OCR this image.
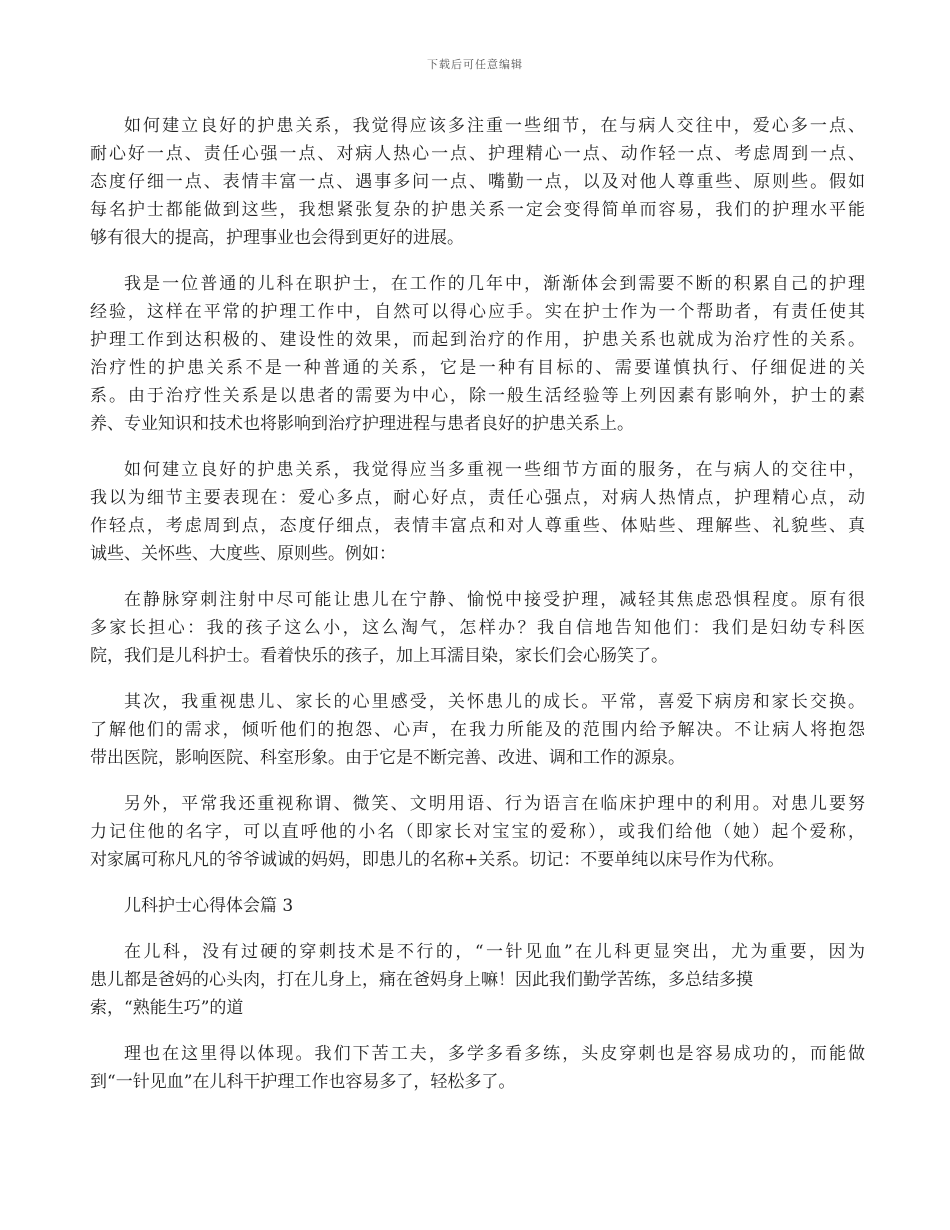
下载后可任意编辑
如何建立良好的护患关系，我觉得应该多注重一些细节，在与病人交往中，爱心多一点、
耐心好一点、责任心强一点、对病人热心一点、护理精心一点、动作轻一点、考虑周到一点、
态度仔细一点、表情丰富一点、遇事多问一点、嘴勤一点，以及对他人尊重些、原则些。假如
每名护士都能做到这些，我想紧张复杂的护患关系一定会变得简单而容易，我们的护理水平能
够有很大的提高，护理事业也会得到更好的进展。
我是一位普通的儿科在职护士，在工作的几年中，渐渐体会到需要不断的积累自己的护理
经验，这样在平常的护理工作中，自然可以得心应手。实在护士作为一个帮助者，有责任使其
护理工作到达积极的、建设性的效果，而起到治疗的作用，护患关系也就成为治疗性的关系。
治疗性的护患关系不是一种普通的关系，它是一种有目标的、需要谨慎执行、仔细促进的关
系。由于治疗性关系是以患者的需要为中心，除一般生活经验等上列因素有影响外，护士的素
养、专业知识和技术也将影响到治疗护理进程与患者良好的护患关系上。
如何建立良好的护患关系，我觉得应当多重视一些细节方面的服务，在与病人的交往中，
我以为细节主要表现在：爱心多点，耐心好点，责任心强点，对病人热情点，护理精心点，动
作轻点，考虑周到点，态度仔细点，表情丰富点和对人尊重些、体贴些、理解些、礼貌些、真
诚些、关怀些、大度些、原则些。例如：
在静脉穿刺注射中尽可能让患儿在宁静、愉悦中接受护理，减轻其焦虑恐惧程度。原有很
多家长担心：我的孩子这么小，这么淘气，怎样办？我自信地告知他们：我们是妇幼专科医
院，我们是儿科护士。看着快乐的孩子，加上耳濡目染，家长们会心肠笑了。
其次，我重视患儿、家长的心里感受，关怀患儿的成长。平常，喜爱下病房和家长交换。
了解他们的需求，倾听他们的抱怨、心声，在我力所能及的范围内给予解决。不让病人将抱怨
带出医院，影响医院、科室形象。由于它是不断完善、改进、调和工作的源泉。
另外，平常我还重视称谓、微笑、文明用语、行为语言在临床护理中的利用。对患儿要努
力记住他的名字，可以直呼他的小名（即家长对宝宝的爱称），或我们给他（她）起个爱称，
对家属可称凡凡的爷爷诚诚的妈妈，即患儿的名称+关系。切记：不要单纯以床号作为代称。
儿科护士心得体会篇 3
在儿科，没有过硬的穿刺技术是不行的，“一针见血”在儿科更显突出，尤为重要，因为
患儿都是爸妈的心头肉，打在儿身上，痛在爸妈身上嘛！因此我们勤学苦练，多总结多摸
索，“熟能生巧”的道
理也在这里得以体现。我们下苦工夫，多学多看多练，头皮穿刺也是容易成功的，而能做
到“一针见血”在儿科干护理工作也容易多了，轻松多了。
